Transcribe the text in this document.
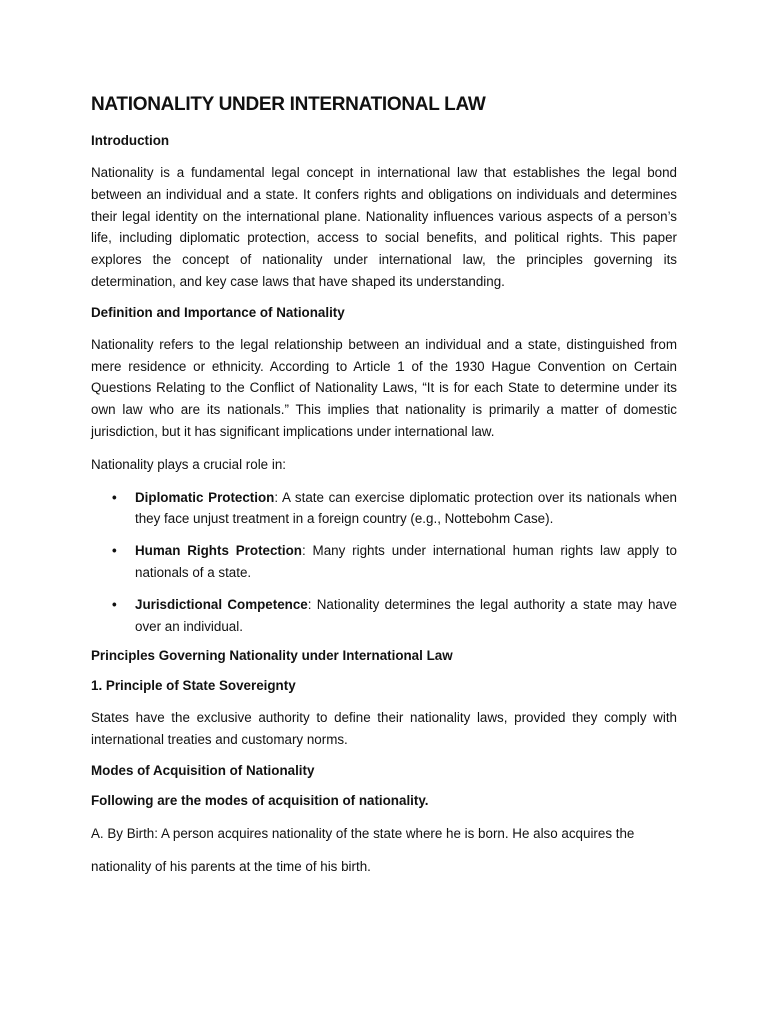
NATIONALITY UNDER INTERNATIONAL LAW
Introduction

Nationality is a fundamental legal concept in international law that establishes the legal bond between an individual and a state. It confers rights and obligations on individuals and determines their legal identity on the international plane. Nationality influences various aspects of a person’s life, including diplomatic protection, access to social benefits, and political rights. This paper explores the concept of nationality under international law, the principles governing its determination, and key case laws that have shaped its understanding.

Definition and Importance of Nationality

Nationality refers to the legal relationship between an individual and a state, distinguished from mere residence or ethnicity. According to Article 1 of the 1930 Hague Convention on Certain Questions Relating to the Conflict of Nationality Laws, “It is for each State to determine under its own law who are its nationals.” This implies that nationality is primarily a matter of domestic jurisdiction, but it has significant implications under international law.

Nationality plays a crucial role in:

• Diplomatic Protection: A state can exercise diplomatic protection over its nationals when they face unjust treatment in a foreign country (e.g., Nottebohm Case).
• Human Rights Protection: Many rights under international human rights law apply to nationals of a state.
• Jurisdictional Competence: Nationality determines the legal authority a state may have over an individual.
Principles Governing Nationality under International Law
1. Principle of State Sovereignty

States have the exclusive authority to define their nationality laws, provided they comply with international treaties and customary norms.

Modes of Acquisition of Nationality
Following are the modes of acquisition of nationality.

A. By Birth: A person acquires nationality of the state where he is born. He also acquires the
nationality of his parents at the time of his birth.
